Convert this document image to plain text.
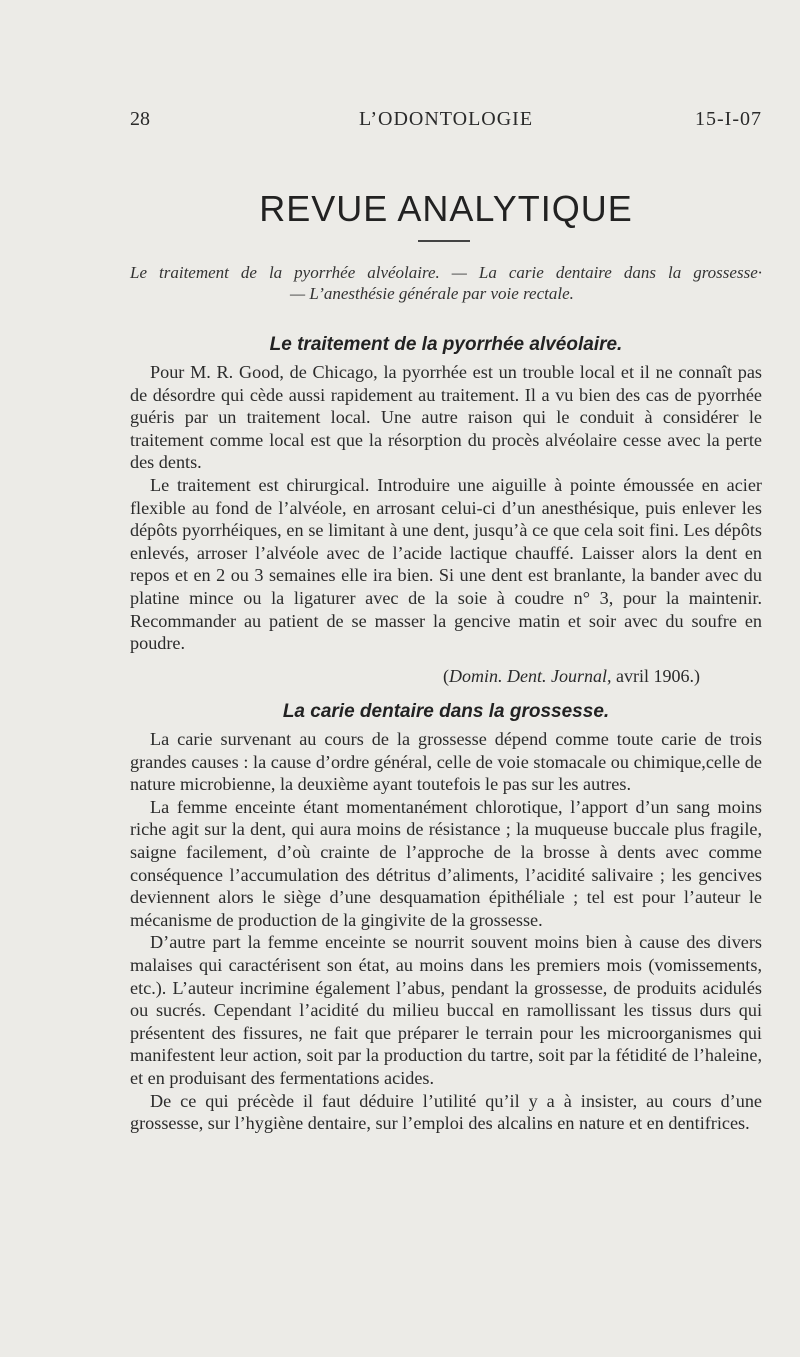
28	L’ODONTOLOGIE	15-I-07
REVUE ANALYTIQUE
Le traitement de la pyorrhée alvéolaire. — La carie dentaire dans la grossesse·
— L’anesthésie générale par voie rectale.
Le traitement de la pyorrhée alvéolaire.

Pour M. R. Good, de Chicago, la pyorrhée est un trouble local et il ne connaît pas de désordre qui cède aussi rapidement au traitement. Il a vu bien des cas de pyorrhée guéris par un traitement local. Une autre raison qui le conduit à considérer le traitement comme local est que la résorption du procès alvéolaire cesse avec la perte des dents.

Le traitement est chirurgical. Introduire une aiguille à pointe émoussée en acier flexible au fond de l’alvéole, en arrosant celui-ci d’un anesthésique, puis enlever les dépôts pyorrhéiques, en se limitant à une dent, jusqu’à ce que cela soit fini. Les dépôts enlevés, arroser l’alvéole avec de l’acide lactique chauffé. Laisser alors la dent en repos et en 2 ou 3 semaines elle ira bien. Si une dent est branlante, la bander avec du platine mince ou la ligaturer avec de la soie à coudre n° 3, pour la maintenir. Recommander au patient de se masser la gencive matin et soir avec du soufre en poudre.

(Domin. Dent. Journal, avril 1906.)
La carie dentaire dans la grossesse.

La carie survenant au cours de la grossesse dépend comme toute carie de trois grandes causes : la cause d’ordre général, celle de voie stomacale ou chimique,celle de nature microbienne, la deuxième ayant toutefois le pas sur les autres.

La femme enceinte étant momentanément chlorotique, l’apport d’un sang moins riche agit sur la dent, qui aura moins de résistance ; la muqueuse buccale plus fragile, saigne facilement, d’où crainte de l’approche de la brosse à dents avec comme conséquence l’accumulation des détritus d’aliments, l’acidité salivaire ; les gencives deviennent alors le siège d’une desquamation épithéliale ; tel est pour l’auteur le mécanisme de production de la gingivite de la grossesse.

D’autre part la femme enceinte se nourrit souvent moins bien à cause des divers malaises qui caractérisent son état, au moins dans les premiers mois (vomissements, etc.). L’auteur incrimine également l’abus, pendant la grossesse, de produits acidulés ou sucrés. Cependant l’acidité du milieu buccal en ramollissant les tissus durs qui présentent des fissures, ne fait que préparer le terrain pour les microorganismes qui manifestent leur action, soit par la production du tartre, soit par la fétidité de l’haleine, et en produisant des fermentations acides.

De ce qui précède il faut déduire l’utilité qu’il y a à insister, au cours d’une grossesse, sur l’hygiène dentaire, sur l’emploi des alcalins en nature et en dentifrices.
